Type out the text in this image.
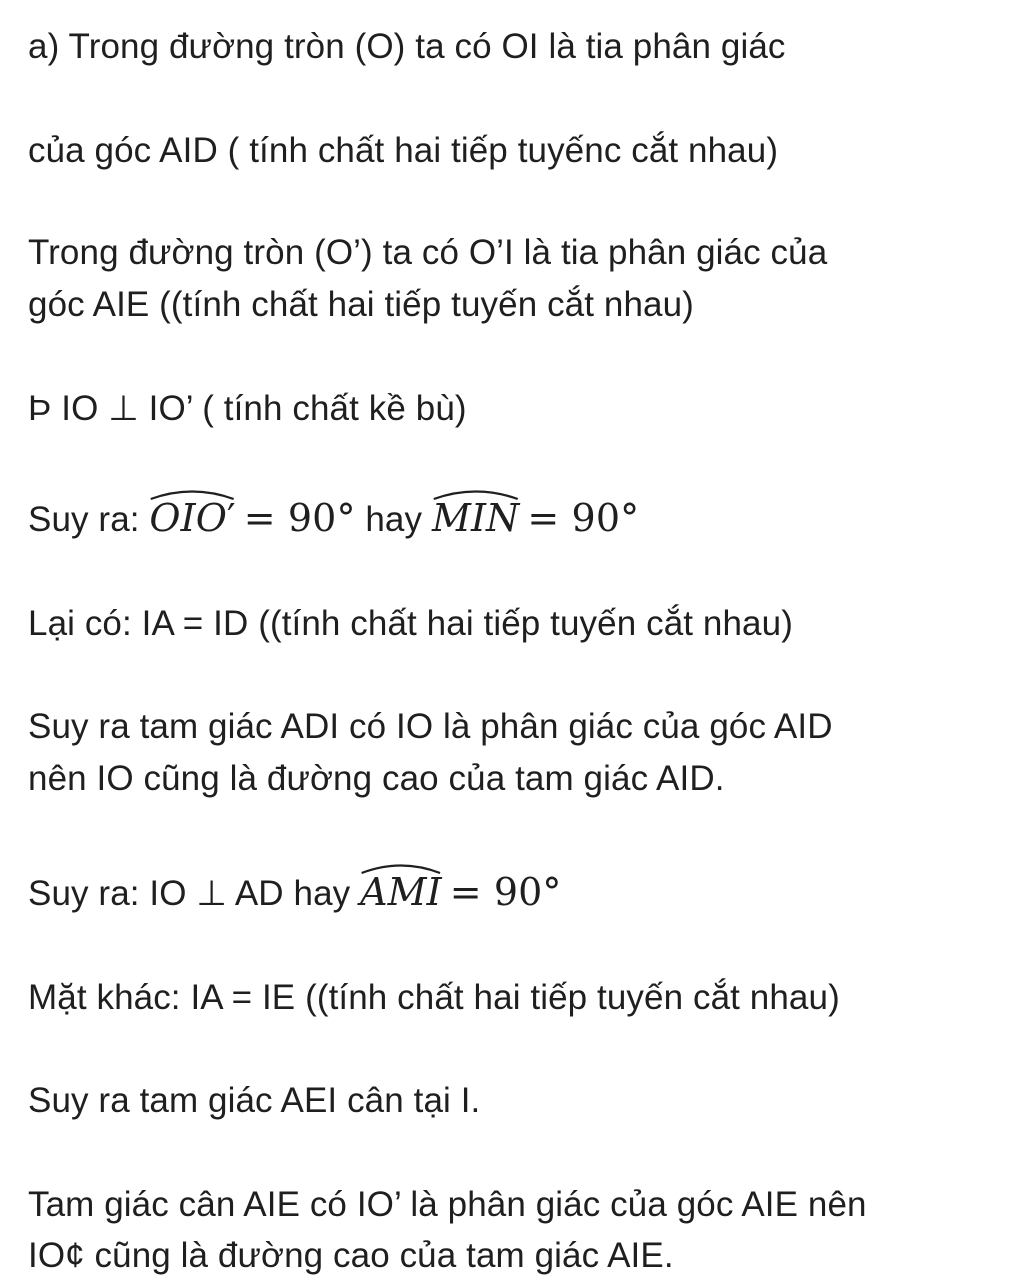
a) Trong đường tròn (O) ta có OI là tia phân giác
của góc AID ( tính chất hai tiếp tuyếnc cắt nhau)
Trong đường tròn (O’) ta có O’I là tia phân giác của
góc AIE ((tính chất hai tiếp tuyến cắt nhau)
Þ IO ⊥ IO’ ( tính chất kề bù)
Suy ra:
OIO′ = 90° hay
MIN = 90°
Lại có: IA = ID ((tính chất hai tiếp tuyến cắt nhau)
Suy ra tam giác ADI có IO là phân giác của góc AID
nên IO cũng là đường cao của tam giác AID.
Suy ra: IO ⊥ AD hay
AMI = 90°
Mặt khác: IA = IE ((tính chất hai tiếp tuyến cắt nhau)
Suy ra tam giác AEI cân tại I.
Tam giác cân AIE có IO’ là phân giác của góc AIE nên
IO¢ cũng là đường cao của tam giác AIE.
